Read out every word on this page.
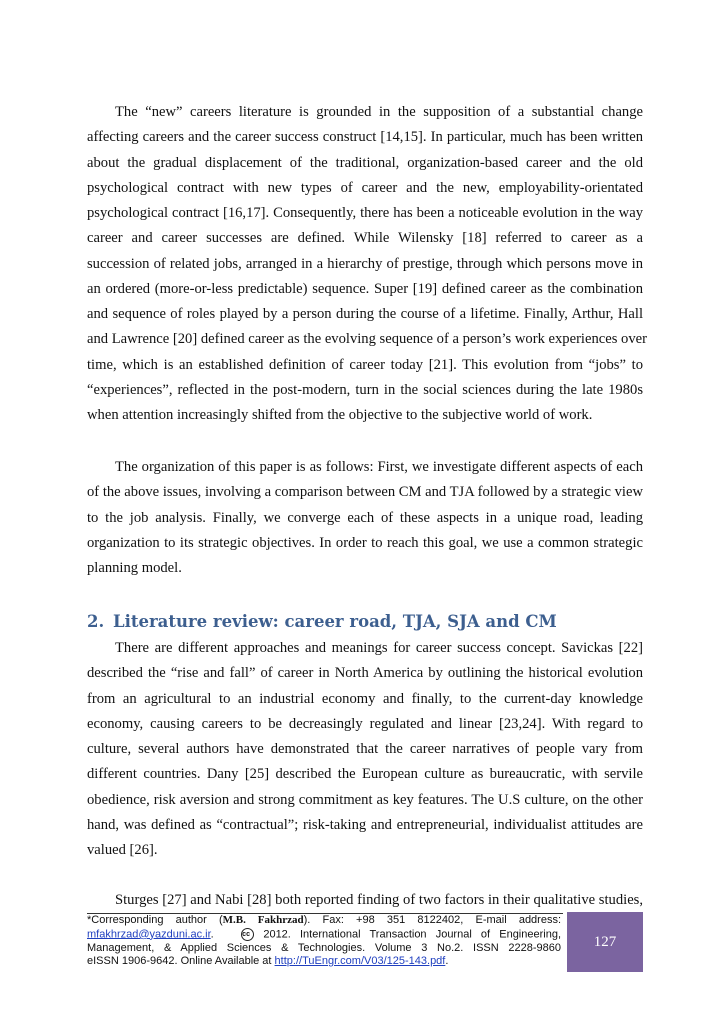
The “new” careers literature is grounded in the supposition of a substantial change
affecting careers and the career success construct [14,15]. In particular, much has been written
about the gradual displacement of the traditional, organization-based career and the old
psychological contract with new types of career and the new, employability-orientated
psychological contract [16,17]. Consequently, there has been a noticeable evolution in the way
career and career successes are defined. While Wilensky [18] referred to career as a
succession of related jobs, arranged in a hierarchy of prestige, through which persons move in
an ordered (more-or-less predictable) sequence. Super [19] defined career as the combination
and sequence of roles played by a person during the course of a lifetime. Finally, Arthur, Hall
and Lawrence [20] defined career as the evolving sequence of a person’s work experiences over
time, which is an established definition of career today [21]. This evolution from “jobs” to
“experiences”, reflected in the post-modern, turn in the social sciences during the late 1980s
when attention increasingly shifted from the objective to the subjective world of work.
The organization of this paper is as follows: First, we investigate different aspects of each
of the above issues, involving a comparison between CM and TJA followed by a strategic view
to the job analysis. Finally, we converge each of these aspects in a unique road, leading
organization to its strategic objectives. In order to reach this goal, we use a common strategic
planning model.
2. Literature review: career road, TJA, SJA and CM
There are different approaches and meanings for career success concept. Savickas [22]
described the “rise and fall” of career in North America by outlining the historical evolution
from an agricultural to an industrial economy and finally, to the current-day knowledge
economy, causing careers to be decreasingly regulated and linear [23,24]. With regard to
culture, several authors have demonstrated that the career narratives of people vary from
different countries. Dany [25] described the European culture as bureaucratic, with servile
obedience, risk aversion and strong commitment as key features. The U.S culture, on the other
hand, was defined as “contractual”; risk-taking and entrepreneurial, individualist attitudes are
valued [26].
Sturges [27] and Nabi [28] both reported finding of two factors in their qualitative studies,
*Corresponding author (M.B. Fakhrzad). Fax: +98 351 8122402, E-mail address:
mfakhrzad@yazduni.ac.ir.   cc 2012. International Transaction Journal of Engineering,
Management, & Applied Sciences & Technologies. Volume 3 No.2. ISSN 2228-9860
eISSN 1906-9642. Online Available at http://TuEngr.com/V03/125-143.pdf.
127
